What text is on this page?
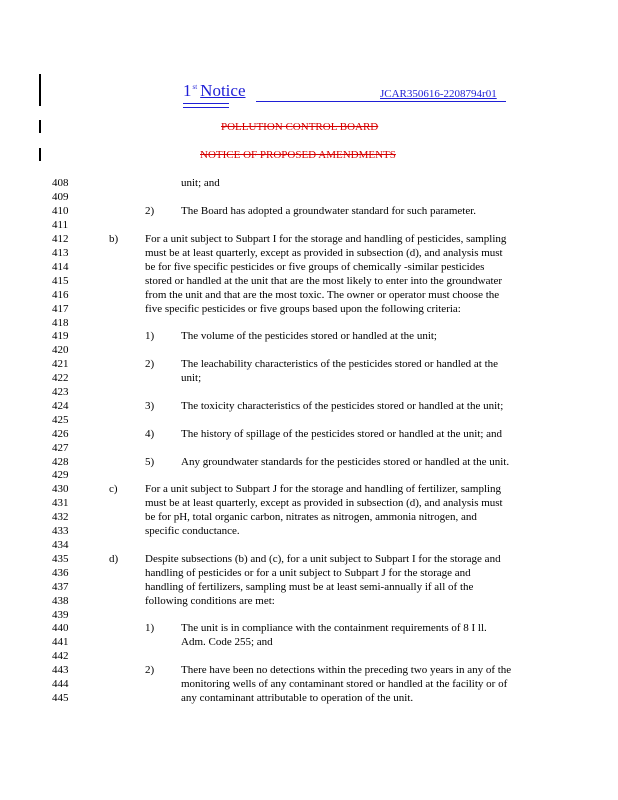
1st Notice	JCAR350616-2208794r01
POLLUTION CONTROL BOARD
NOTICE OF PROPOSED AMENDMENTS
408
409
410
411
412
413
414
415
416
417
418
419
420
421
422
423
424
425
426
427
428
429
430
431
432
433
434
435
436
437
438
439
440
441
442
443
444
445
unit; and
2) The Board has adopted a groundwater standard for such parameter.
b) For a unit subject to Subpart I for the storage and handling of pesticides, sampling
must be at least quarterly, except as provided in subsection (d), and analysis must
be for five specific pesticides or five groups of chemically -similar pesticides
stored or handled at the unit that are the most likely to enter into the groundwater
from the unit and that are the most toxic. The owner or operator must choose the
five specific pesticides or five groups based upon the following criteria:
1) The volume of the pesticides stored or handled at the unit;
2) The leachability characteristics of the pesticides stored or handled at the
unit;
3) The toxicity characteristics of the pesticides stored or handled at the unit;
4) The history of spillage of the pesticides stored or handled at the unit; and
5) Any groundwater standards for the pesticides stored or handled at the unit.
c) For a unit subject to Subpart J for the storage and handling of fertilizer, sampling
must be at least quarterly, except as provided in subsection (d), and analysis must
be for pH, total organic carbon, nitrates as nitrogen, ammonia nitrogen, and
specific conductance.
d) Despite subsections (b) and (c), for a unit subject to Subpart I for the storage and
handling of pesticides or for a unit subject to Subpart J for the storage and
handling of fertilizers, sampling must be at least semi-annually if all of the
following conditions are met:
1) The unit is in compliance with the containment requirements of 8 I ll.
Adm. Code 255; and
2) There have been no detections within the preceding two years in any of the
monitoring wells of any contaminant stored or handled at the facility or of
any contaminant attributable to operation of the unit.
